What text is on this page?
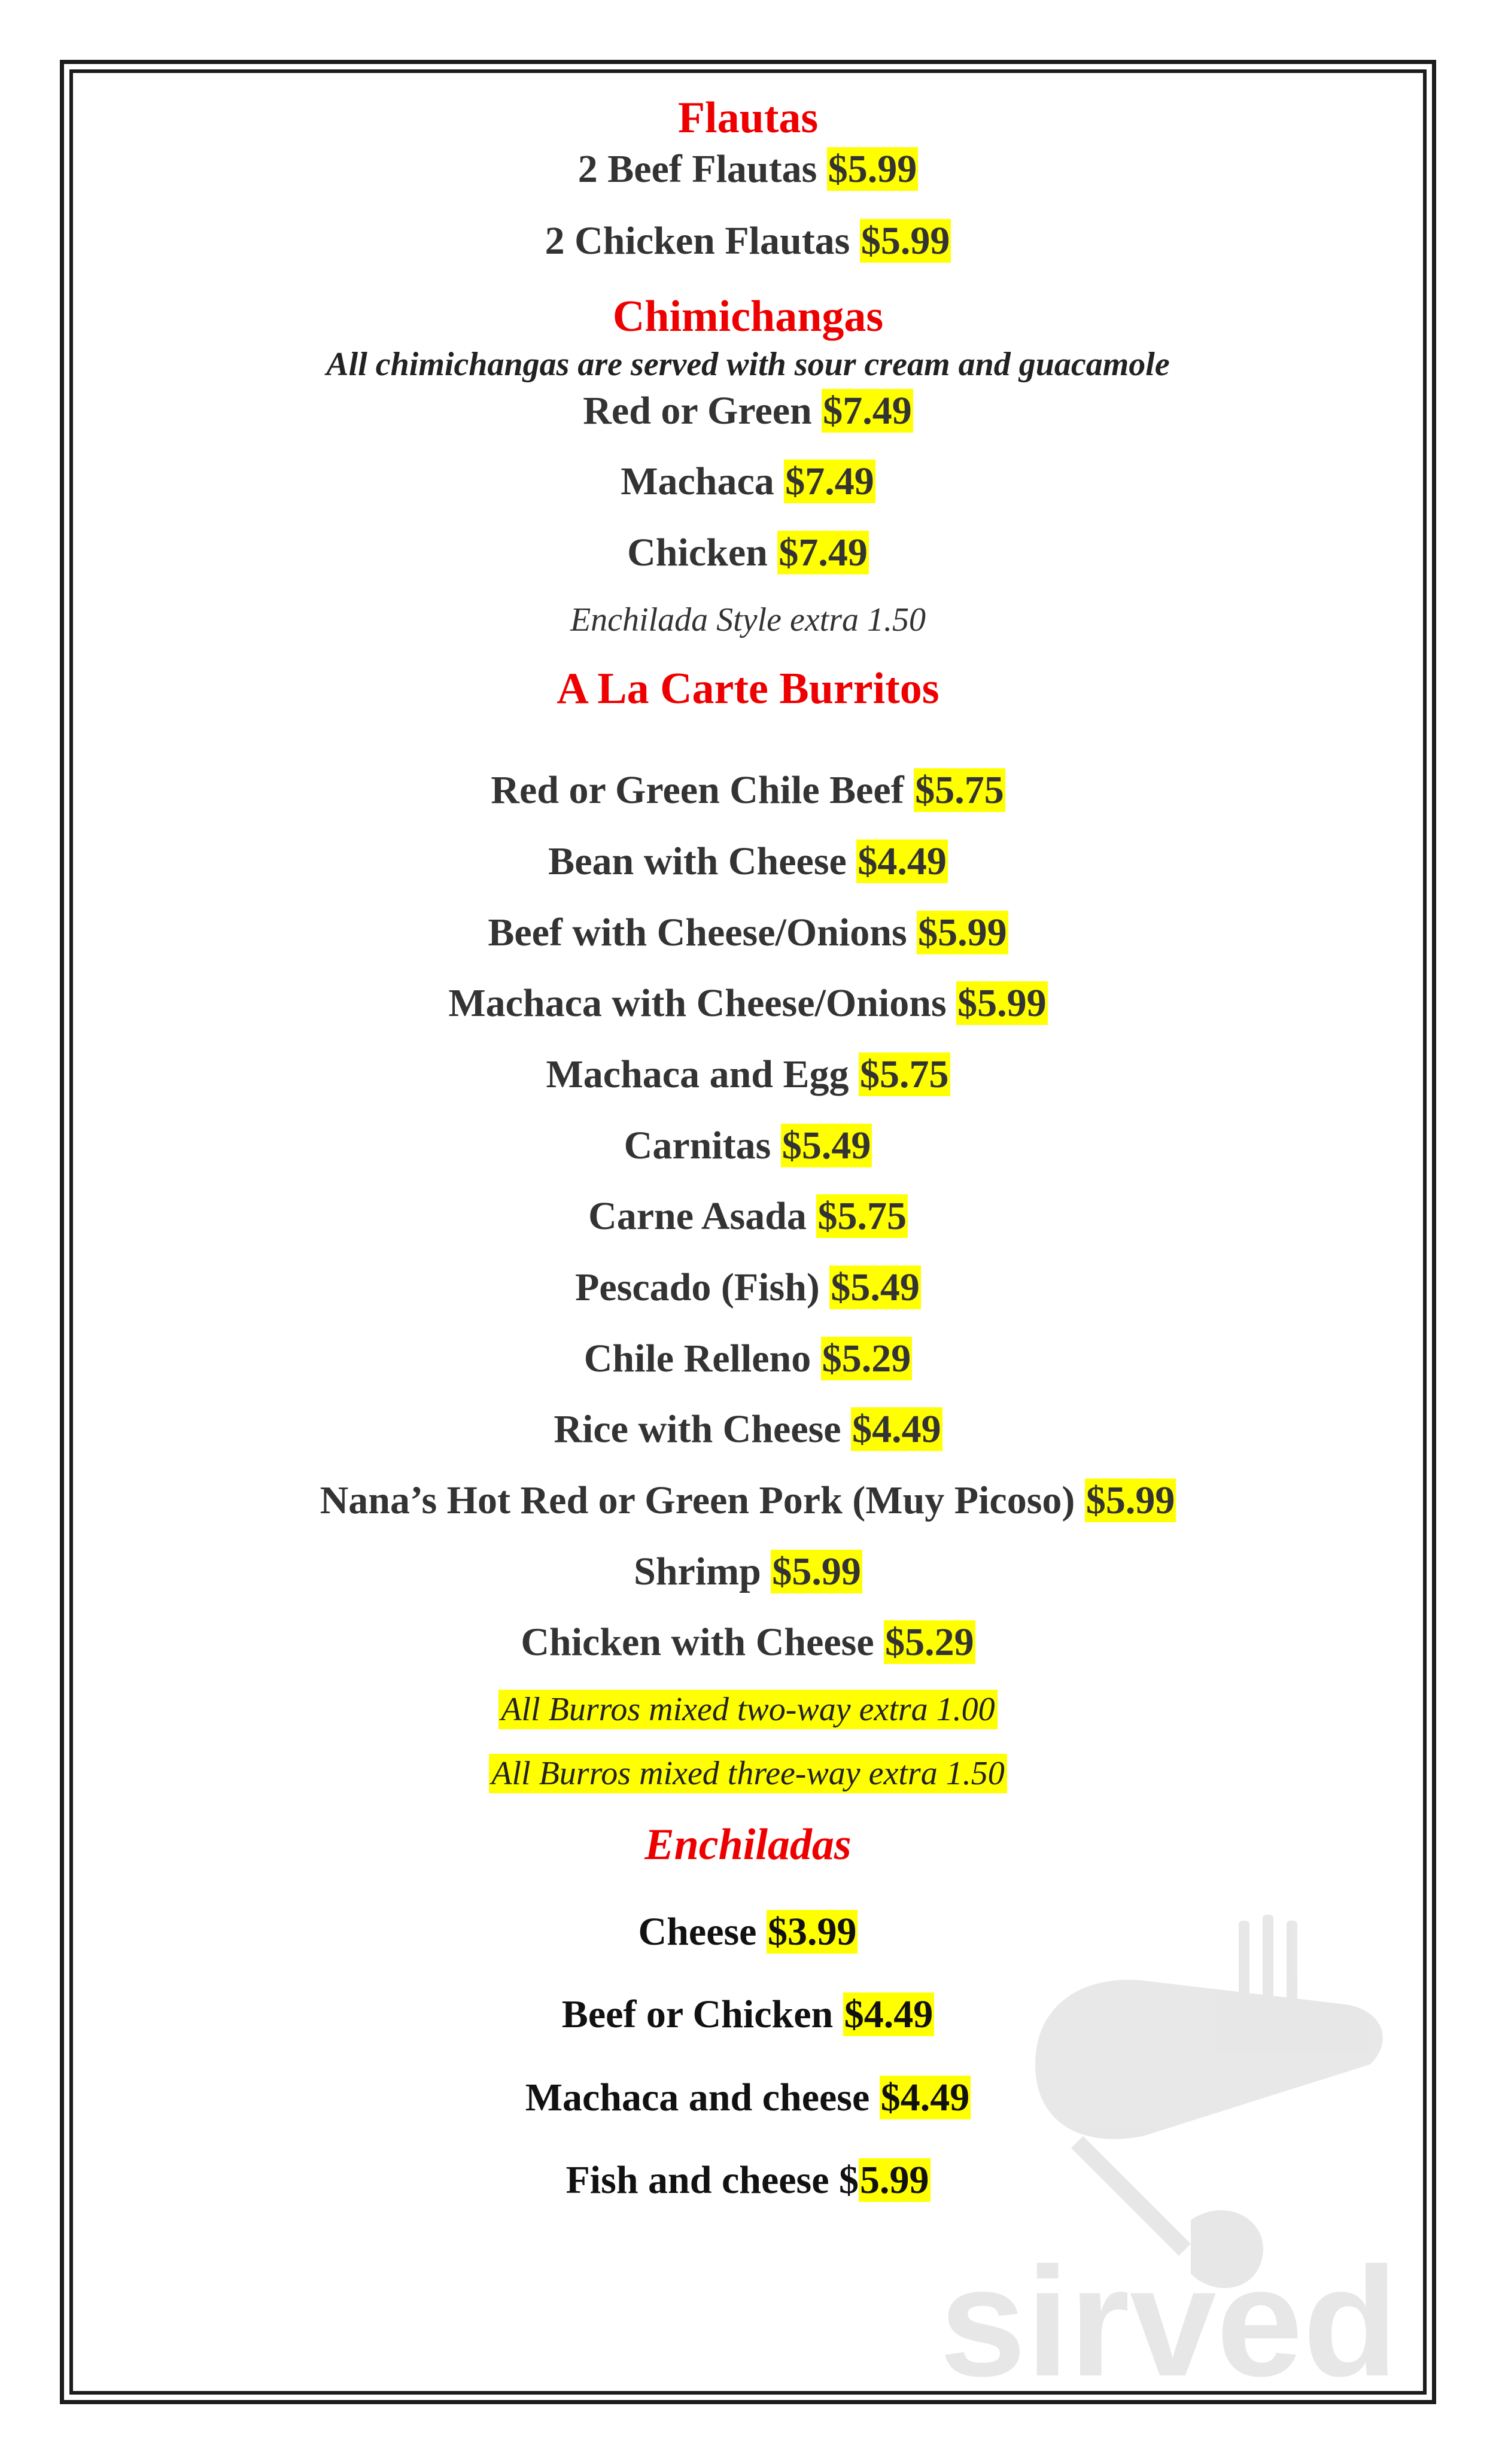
Flautas
2 Beef Flautas $5.99
2 Chicken Flautas $5.99
Chimichangas
All chimichangas are served with sour cream and guacamole
Red or Green $7.49
Machaca $7.49
Chicken $7.49
Enchilada Style extra 1.50
A La Carte Burritos
Red or Green Chile Beef $5.75
Bean with Cheese $4.49
Beef with Cheese/Onions $5.99
Machaca with Cheese/Onions $5.99
Machaca and Egg $5.75
Carnitas $5.49
Carne Asada $5.75
Pescado (Fish) $5.49
Chile Relleno $5.29
Rice with Cheese $4.49
Nana’s Hot Red or Green Pork (Muy Picoso) $5.99
Shrimp $5.99
Chicken with Cheese $5.29
All Burros mixed two-way extra 1.00
All Burros mixed three-way extra 1.50
Enchiladas
Cheese $3.99
Beef or Chicken $4.49
Machaca and cheese $4.49
Fish and cheese $5.99
sirved
